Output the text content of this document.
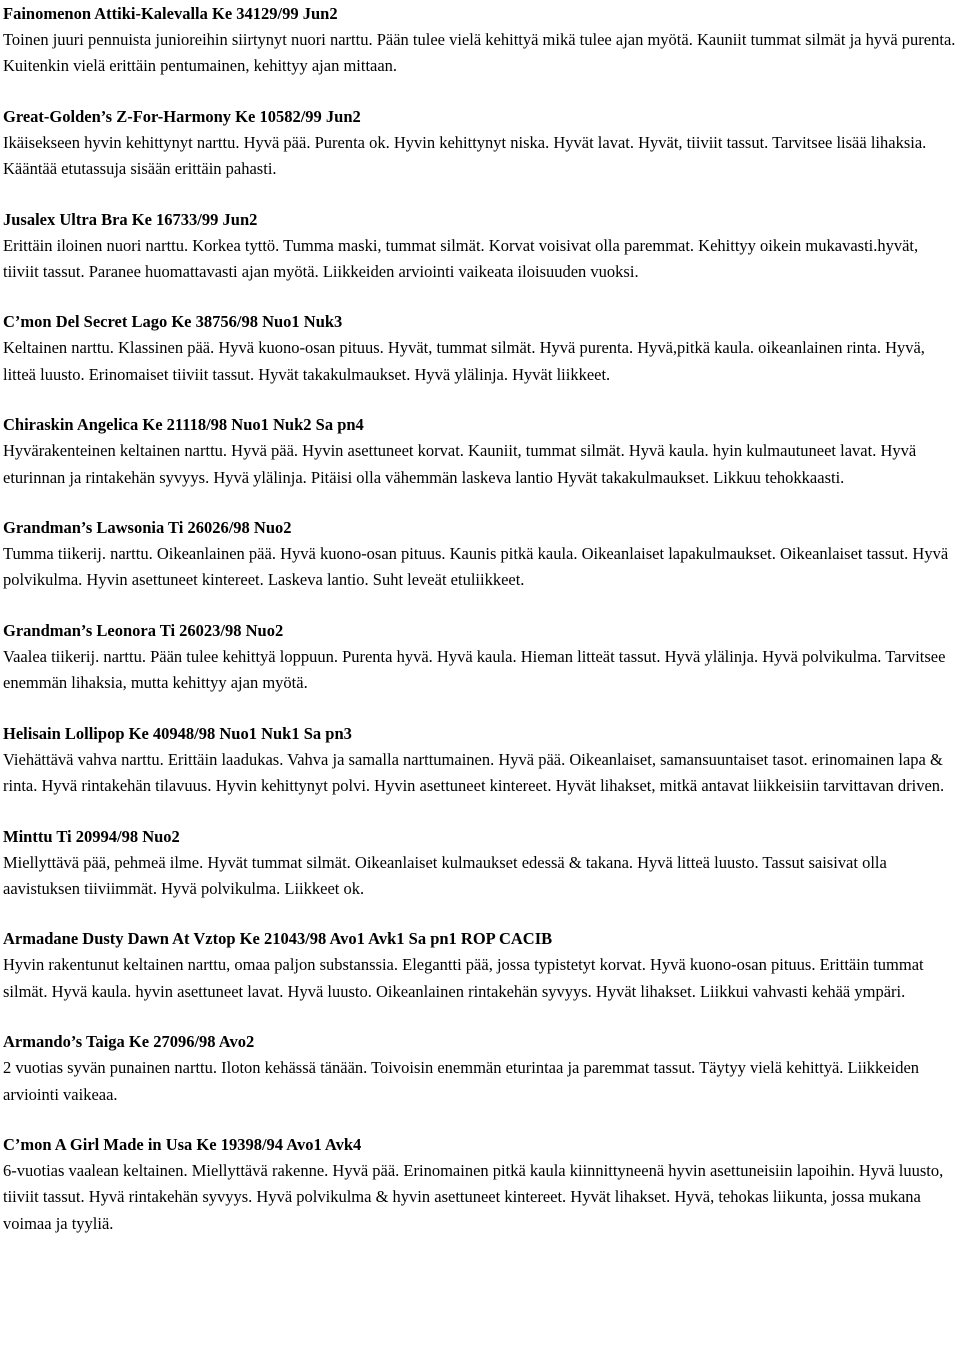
Fainomenon Attiki-Kalevalla Ke 34129/99 Jun2

Toinen juuri pennuista junioreihin siirtynyt nuori narttu. Pään tulee vielä kehittyä mikä tulee ajan myötä. Kauniit tummat silmät ja hyvä purenta. Kuitenkin vielä erittäin pentumainen, kehittyy ajan mittaan.

Great-Golden’s Z-For-Harmony Ke 10582/99 Jun2

Ikäisekseen hyvin kehittynyt narttu. Hyvä pää. Purenta ok. Hyvin kehittynyt niska. Hyvät lavat. Hyvät, tiiviit tassut. Tarvitsee lisää lihaksia. Kääntää etutassuja sisään erittäin pahasti.

Jusalex Ultra Bra Ke 16733/99 Jun2

Erittäin iloinen nuori narttu. Korkea tyttö. Tumma maski, tummat silmät. Korvat voisivat olla paremmat. Kehittyy oikein mukavasti.hyvät, tiiviit tassut. Paranee huomattavasti ajan myötä. Liikkeiden arviointi vaikeata iloisuuden vuoksi.

C’mon Del Secret Lago Ke 38756/98 Nuo1 Nuk3

Keltainen narttu. Klassinen pää. Hyvä kuono-osan pituus. Hyvät, tummat silmät. Hyvä purenta. Hyvä,pitkä kaula. oikeanlainen rinta. Hyvä, litteä luusto. Erinomaiset tiiviit tassut. Hyvät takakulmaukset. Hyvä ylälinja. Hyvät liikkeet.

Chiraskin Angelica Ke 21118/98 Nuo1 Nuk2 Sa pn4

Hyvärakenteinen keltainen narttu. Hyvä pää. Hyvin asettuneet korvat. Kauniit, tummat silmät. Hyvä kaula. hyin kulmautuneet lavat. Hyvä eturinnan ja rintakehän syvyys. Hyvä ylälinja. Pitäisi olla vähemmän laskeva lantio Hyvät takakulmaukset. Likkuu tehokkaasti.

Grandman’s Lawsonia Ti 26026/98 Nuo2

Tumma tiikerij. narttu. Oikeanlainen pää. Hyvä kuono-osan pituus. Kaunis pitkä kaula. Oikeanlaiset lapakulmaukset. Oikeanlaiset tassut. Hyvä polvikulma. Hyvin asettuneet kintereet. Laskeva lantio. Suht leveät etuliikkeet.

Grandman’s Leonora Ti 26023/98 Nuo2

Vaalea tiikerij. narttu. Pään tulee kehittyä loppuun. Purenta hyvä. Hyvä kaula. Hieman litteät tassut. Hyvä ylälinja. Hyvä polvikulma. Tarvitsee enemmän lihaksia, mutta kehittyy ajan myötä.

Helisain Lollipop Ke 40948/98 Nuo1 Nuk1 Sa pn3

Viehättävä vahva narttu. Erittäin laadukas. Vahva ja samalla narttumainen. Hyvä pää. Oikeanlaiset, samansuuntaiset tasot. erinomainen lapa & rinta. Hyvä rintakehän tilavuus. Hyvin kehittynyt polvi. Hyvin asettuneet kintereet. Hyvät lihakset, mitkä antavat liikkeisiin tarvittavan driven.

Minttu Ti 20994/98 Nuo2

Miellyttävä pää, pehmeä ilme. Hyvät tummat silmät. Oikeanlaiset kulmaukset edessä & takana. Hyvä litteä luusto. Tassut saisivat olla aavistuksen tiiviimmät. Hyvä polvikulma. Liikkeet ok.

Armadane Dusty Dawn At Vztop Ke 21043/98 Avo1 Avk1 Sa pn1 ROP CACIB

Hyvin rakentunut keltainen narttu, omaa paljon substanssia. Eleganttі pää, jossa typistetyt korvat. Hyvä kuono-osan pituus. Erittäin tummat silmät. Hyvä kaula. hyvin asettuneet lavat. Hyvä luusto. Oikeanlainen rintakehän syvyys. Hyvät lihakset. Liikkui vahvasti kehää ympäri.

Armando’s Taiga Ke 27096/98 Avo2

2 vuotias syvän punainen narttu. Iloton kehässä tänään. Toivoisin enemmän eturintaa ja paremmat tassut. Täytyy vielä kehittyä. Liikkeiden arviointi vaikeaa.

C’mon A Girl Made in Usa Ke 19398/94 Avo1 Avk4

6-vuotias vaalean keltainen. Miellyttävä rakenne. Hyvä pää. Erinomainen pitkä kaula kiinnittyneenä hyvin asettuneisiin lapoihin. Hyvä luusto, tiiviit tassut. Hyvä rintakehän syvyys. Hyvä polvikulma & hyvin asettuneet kintereet. Hyvät lihakset. Hyvä, tehokas liikunta, jossa mukana voimaa ja tyyliä.
